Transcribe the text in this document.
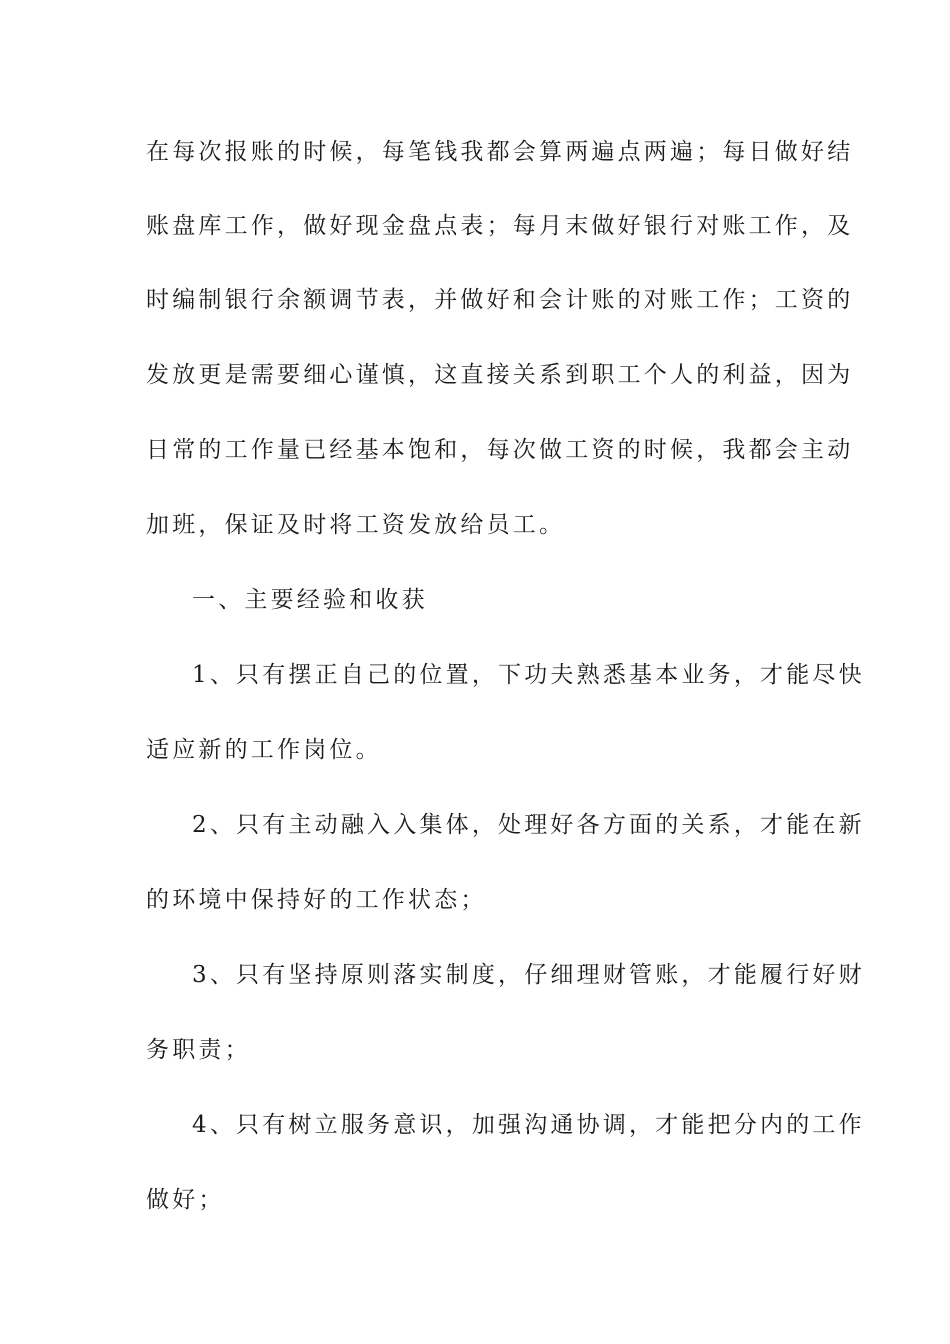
在每次报账的时候，每笔钱我都会算两遍点两遍；每日做好结
账盘库工作，做好现金盘点表；每月末做好银行对账工作，及
时编制银行余额调节表，并做好和会计账的对账工作；工资的
发放更是需要细心谨慎，这直接关系到职工个人的利益，因为
日常的工作量已经基本饱和，每次做工资的时候，我都会主动
加班，保证及时将工资发放给员工。
一、主要经验和收获
1、只有摆正自己的位置，下功夫熟悉基本业务，才能尽快
适应新的工作岗位。
2、只有主动融入入集体，处理好各方面的关系，才能在新
的环境中保持好的工作状态；
3、只有坚持原则落实制度，仔细理财管账，才能履行好财
务职责；
4、只有树立服务意识，加强沟通协调，才能把分内的工作
做好；
